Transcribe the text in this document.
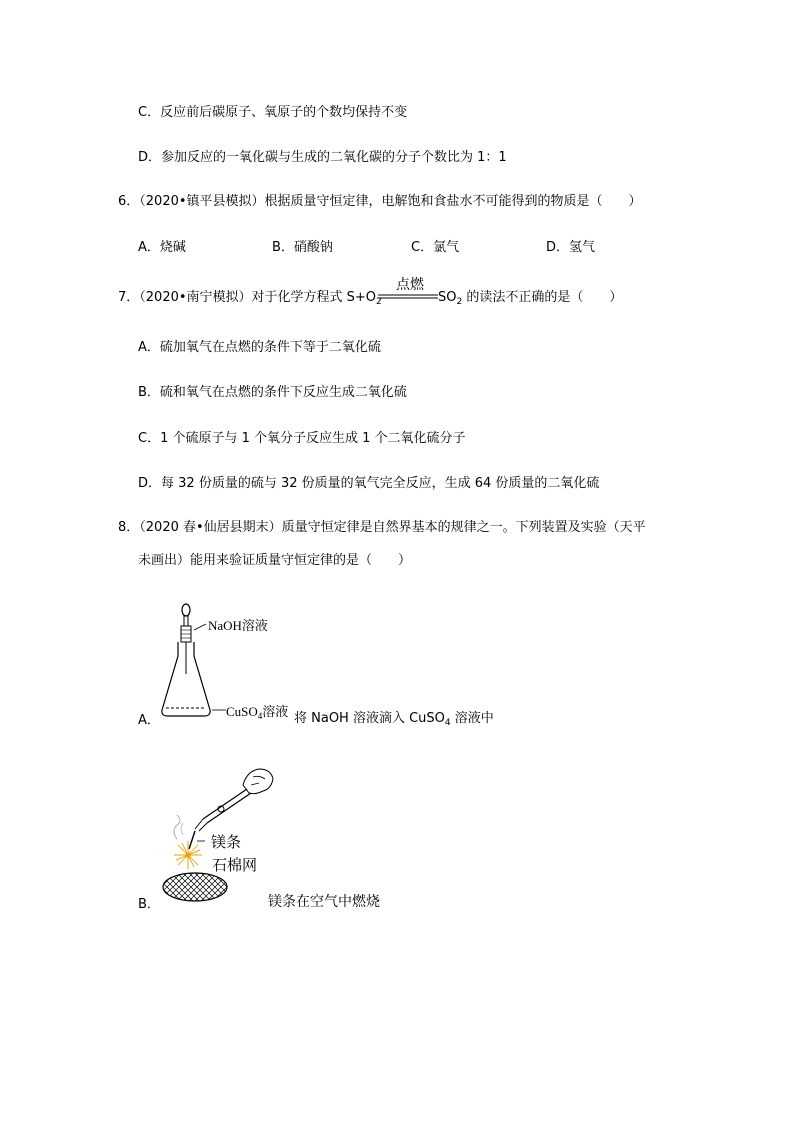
C．反应前后碳原子、氧原子的个数均保持不变
D．参加反应的一氧化碳与生成的二氧化碳的分子个数比为 1：1
6．（2020•镇平县模拟）根据质量守恒定律，电解饱和食盐水不可能得到的物质是（　　）
A．烧碱	B．硝酸钠	C．氯气	D．氢气
7．（2020•南宁模拟）对于化学方程式 $S+O_2$
点燃
$SO_2$ 的读法不正确的是（　　）
A．硫加氧气在点燃的条件下等于二氧化硫
B．硫和氧气在点燃的条件下反应生成二氧化硫
C．1 个硫原子与 1 个氧分子反应生成 1 个二氧化硫分子
D．每 32 份质量的硫与 32 份质量的氧气完全反应，生成 64 份质量的二氧化硫
8．（2020 春•仙居县期末）质量守恒定律是自然界基本的规律之一。下列装置及实验（天平
未画出）能用来验证质量守恒定律的是（　　）
NaOH溶液
CuSO$_4$溶液
A．	将 NaOH 溶液滴入 CuSO$_4$ 溶液中
镁条
石棉网
B．	镁条在空气中燃烧
